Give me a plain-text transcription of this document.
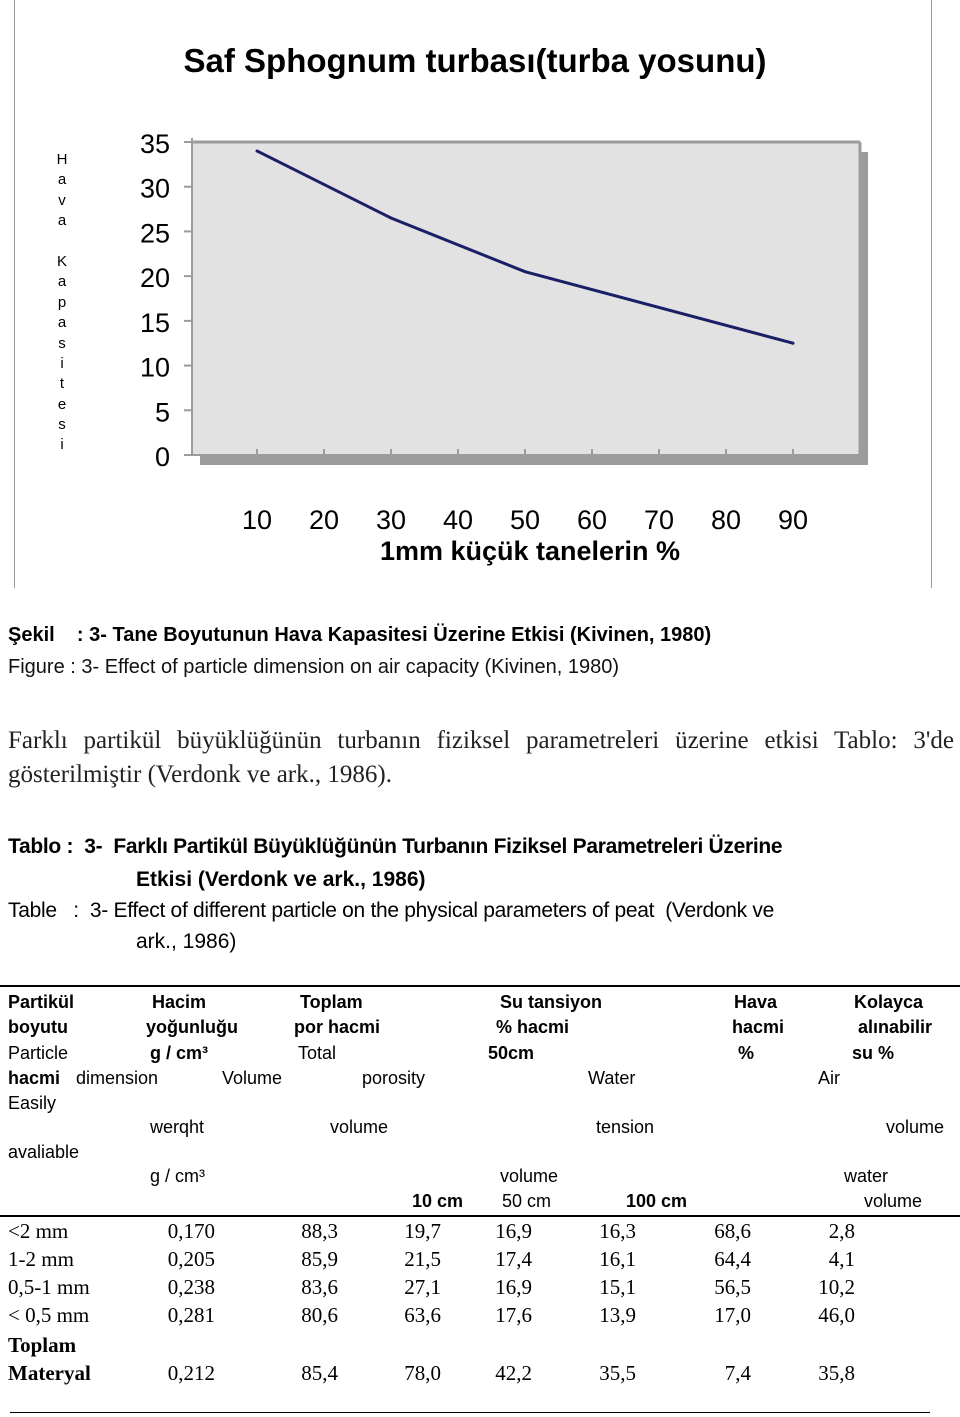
Saf Sphognum turbası(turba yosunu)
H
a
v
a
K
a
p
a
s
i
t
e
s
i
35
30
25
20
15
10
5
0
10 20 30 40 50 60 70 80 90
1mm küçük tanelerin %
Şekil    : 3- Tane Boyutunun Hava Kapasitesi Üzerine Etkisi (Kivinen, 1980)
Figure : 3- Effect of particle dimension on air capacity (Kivinen, 1980)
Farklı partikül büyüklüğünün turbanın fiziksel parametreleri üzerine etkisi Tablo: 3'de gösterilmiştir (Verdonk ve ark., 1986).
Tablo :  3-  Farklı Partikül Büyüklüğünün Turbanın Fiziksel Parametreleri Üzerine
Etkisi (Verdonk ve ark., 1986)
Table   :  3- Effect of different particle on the physical parameters of peat  (Verdonk ve
ark., 1986)
Partikül	Hacim	Toplam	Su tansiyon	Hava	Kolayca
boyutu	yoğunluğu	por hacmi	% hacmi	hacmi	alınabilir
Particle	g / cm³	Total	50cm	%	su %
hacmi dimension	Volume	porosity	Water	Air
Easily
werqht	volume	tension	volume
avaliable
g / cm³	volume	water
10 cm 50 cm	100 cm	volume
<2 mm	0,170	88,3	19,7	16,9	16,3	68,6	2,8
1-2 mm	0,205	85,9	21,5	17,4	16,1	64,4	4,1
0,5-1 mm	0,238	83,6	27,1	16,9	15,1	56,5	10,2
< 0,5 mm	0,281	80,6	63,6	17,6	13,9	17,0	46,0
Toplam
Materyal	0,212	85,4	78,0	42,2	35,5	7,4	35,8
